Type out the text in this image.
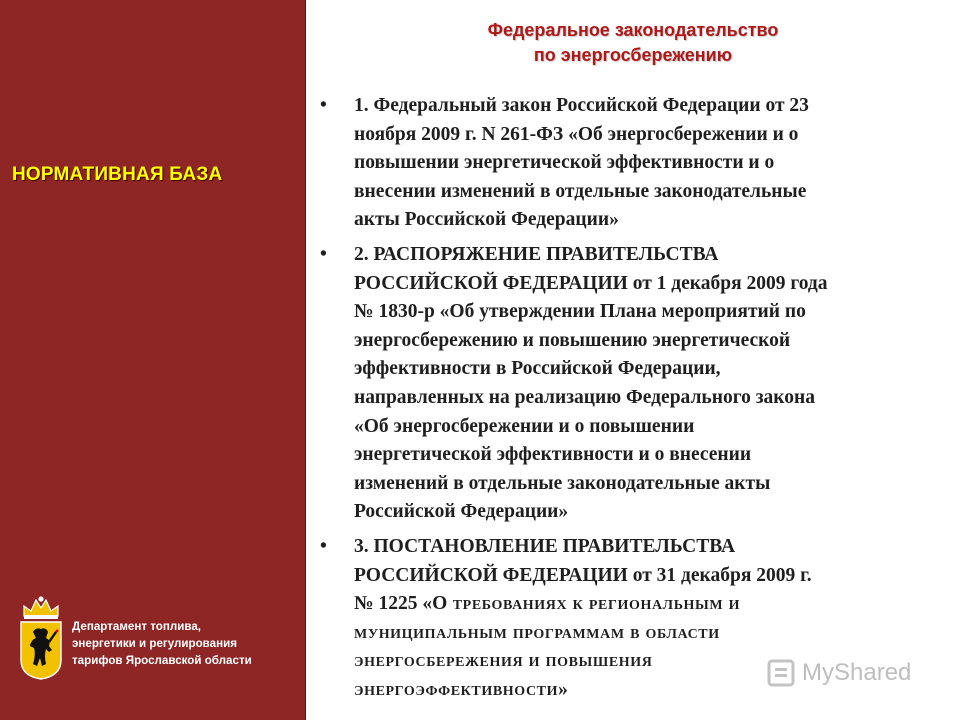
НОРМАТИВНАЯ БАЗА
Департамент топлива,
энергетики и регулирования
тарифов Ярославской области
Федеральное законодательство
по энергосбережению
• 1. Федеральный закон Российской Федерации от 23
ноября 2009 г. N 261-ФЗ «Об энергосбережении и о
повышении энергетической эффективности и о
внесении изменений в отдельные законодательные
акты Российской Федерации»
• 2. РАСПОРЯЖЕНИЕ ПРАВИТЕЛЬСТВА
РОССИЙСКОЙ ФЕДЕРАЦИИ от 1 декабря 2009 года
№ 1830-р «Об утверждении Плана мероприятий по
энергосбережению и повышению энергетической
эффективности в Российской Федерации,
направленных на реализацию Федерального закона
«Об энергосбережении и о повышении
энергетической эффективности и о внесении
изменений в отдельные законодательные акты
Российской Федерации»
• 3. ПОСТАНОВЛЕНИЕ ПРАВИТЕЛЬСТВА
РОССИЙСКОЙ ФЕДЕРАЦИИ от 31 декабря 2009 г.
№ 1225 «О требованиях к региональным и
муниципальным программам в области
энергосбережения и повышения
энергоэффективности»
MyShared
